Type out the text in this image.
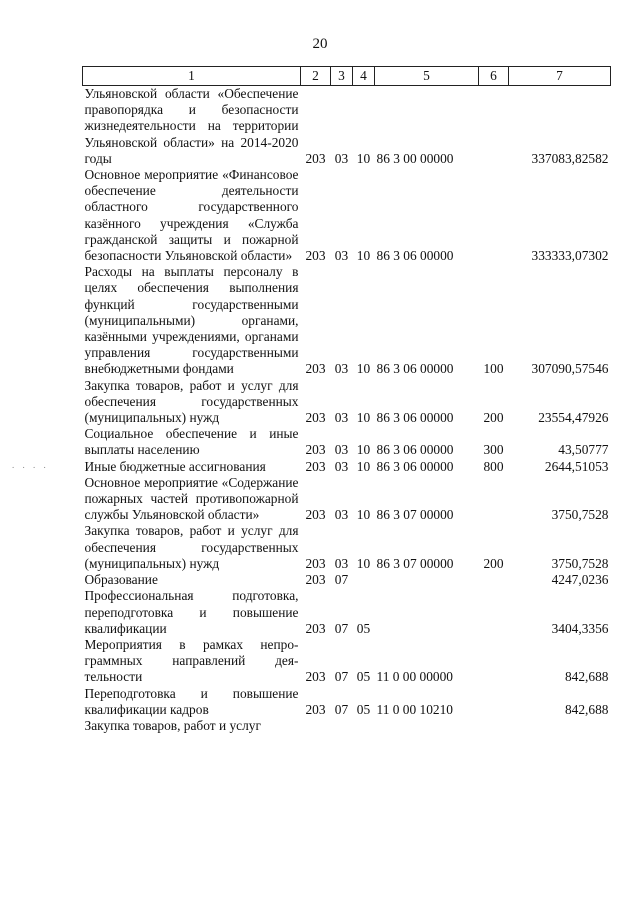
20
. . . .
1	2	3	4	5	6	7
Ульяновской области «Обеспечение правопорядка и безопасности жизнедеятельности на территории Ульяновской области» на 2014-2020 годы	203	03	10	86 3 00 00000		337083,82582
Основное мероприятие «Финансовое обеспечение деятельности областного государственного казённого учреждения «Служба гражданской защиты и пожарной безопасности Ульяновской области»	203	03	10	86 3 06 00000		333333,07302
Расходы на выплаты персоналу в целях обеспечения выполнения функций государственными (муниципальными) органами, казёнными учреждениями, органами управления государственными внебюджетными фондами	203	03	10	86 3 06 00000	100	307090,57546
Закупка товаров, работ и услуг для обеспечения государственных (муниципальных) нужд	203	03	10	86 3 06 00000	200	23554,47926
Социальное обеспечение и иные выплаты населению	203	03	10	86 3 06 00000	300	43,50777
Иные бюджетные ассигнования	203	03	10	86 3 06 00000	800	2644,51053
Основное мероприятие «Содержание пожарных частей противопожарной службы Ульяновской области»	203	03	10	86 3 07 00000		3750,7528
Закупка товаров, работ и услуг для обеспечения государственных (муниципальных) нужд	203	03	10	86 3 07 00000	200	3750,7528
Образование	203	07				4247,0236
Профессиональная подготовка, переподготовка и повышение квалификации	203	07	05			3404,3356
Мероприятия в рамках непрограммных направлений деятельности	203	07	05	11 0 00 00000		842,688
Переподготовка и повышение квалификации кадров	203	07	05	11 0 00 10210		842,688
Закупка товаров, работ и услуг						
